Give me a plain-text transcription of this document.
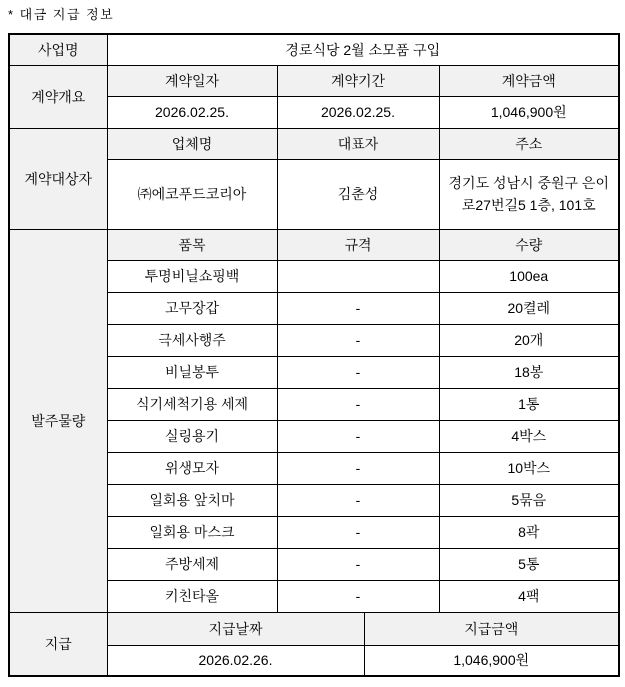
* 대금 지급 정보
사업명	경로식당 2월 소모품 구입			
계약개요	계약일자	계약기간		계약금액
	2026.02.25.	2026.02.25.		1,046,900원
계약대상자	업체명	대표자		주소
	㈜에코푸드코리아	김춘성		경기도 성남시 중원구 은이로27번길5 1층, 101호
발주물량	품목	규격		수량
	투명비닐쇼핑백			100ea
	고무장갑	-		20켤레
	극세사행주	-		20개
	비닐봉투	-		18봉
	식기세척기용 세제	-		1통
	실링용기	-		4박스
	위생모자	-		10박스
	일회용 앞치마	-		5묶음
	일회용 마스크	-		8곽
	주방세제	-		5통
	키친타올	-		4팩
지급	지급날짜		지급금액	
	2026.02.26.		1,046,900원	
